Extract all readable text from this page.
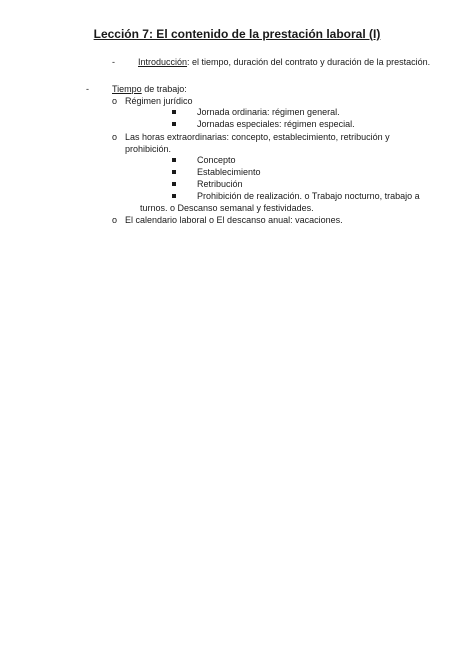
Lección 7: El contenido de la prestación laboral (I)
-	Introducción: el tiempo, duración del contrato y duración de la prestación.
-	Tiempo de trabajo:
o Régimen jurídico
Jornada ordinaria: régimen general.
Jornadas especiales: régimen especial.
o Las horas extraordinarias: concepto, establecimiento, retribución y
prohibición.
Concepto
Establecimiento
Retribución
Prohibición de realización. o Trabajo nocturno, trabajo a
turnos. o Descanso semanal y festividades.
o El calendario laboral o El descanso anual: vacaciones.
